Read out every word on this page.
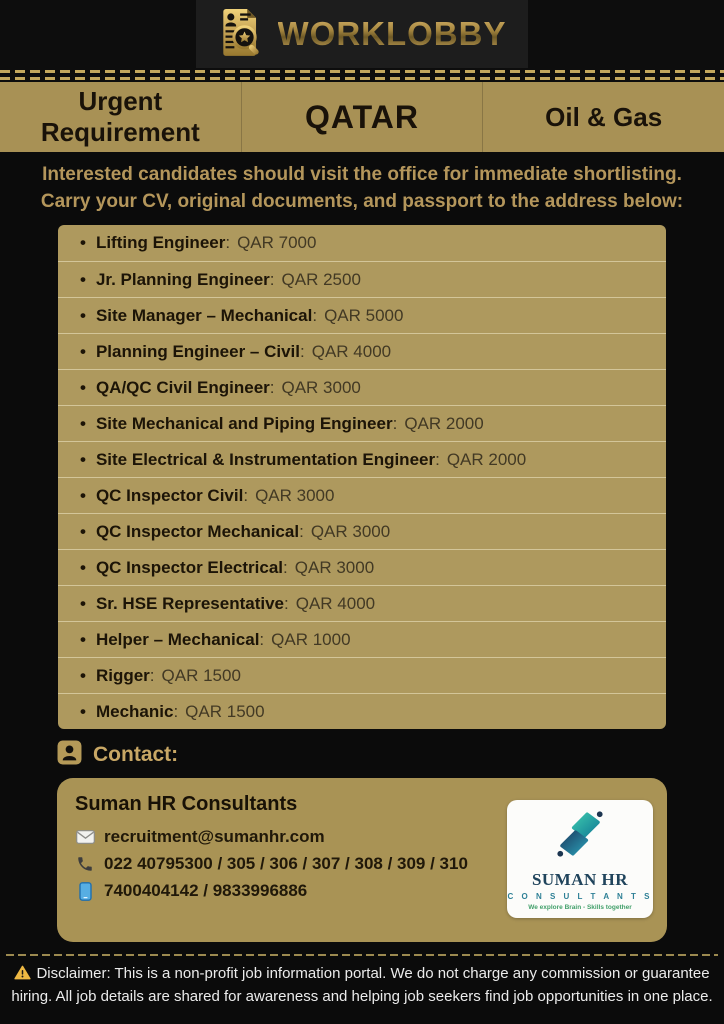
WORKLOBBY
Urgent Requirement	QATAR	Oil & Gas
Interested candidates should visit the office for immediate shortlisting.
Carry your CV, original documents, and passport to the address below:
• Lifting Engineer : QAR 7000
• Jr. Planning Engineer : QAR 2500
• Site Manager – Mechanical : QAR 5000
• Planning Engineer – Civil : QAR 4000
• QA/QC Civil Engineer : QAR 3000
• Site Mechanical and Piping Engineer : QAR 2000
• Site Electrical & Instrumentation Engineer : QAR 2000
• QC Inspector Civil : QAR 3000
• QC Inspector Mechanical : QAR 3000
• QC Inspector Electrical : QAR 3000
• Sr. HSE Representative : QAR 4000
• Helper – Mechanical : QAR 1000
• Rigger : QAR 1500
• Mechanic : QAR 1500
Contact:
Suman HR Consultants
recruitment@sumanhr.com
022 40795300 / 305 / 306 / 307 / 308 / 309 / 310
7400404142 / 9833996886
SUMAN HR
C O N S U L T A N T S
We explore Brain - Skills together
Disclaimer: This is a non-profit job information portal. We do not charge any commission or guarantee hiring. All job details are shared for awareness and helping job seekers find job opportunities in one place.
